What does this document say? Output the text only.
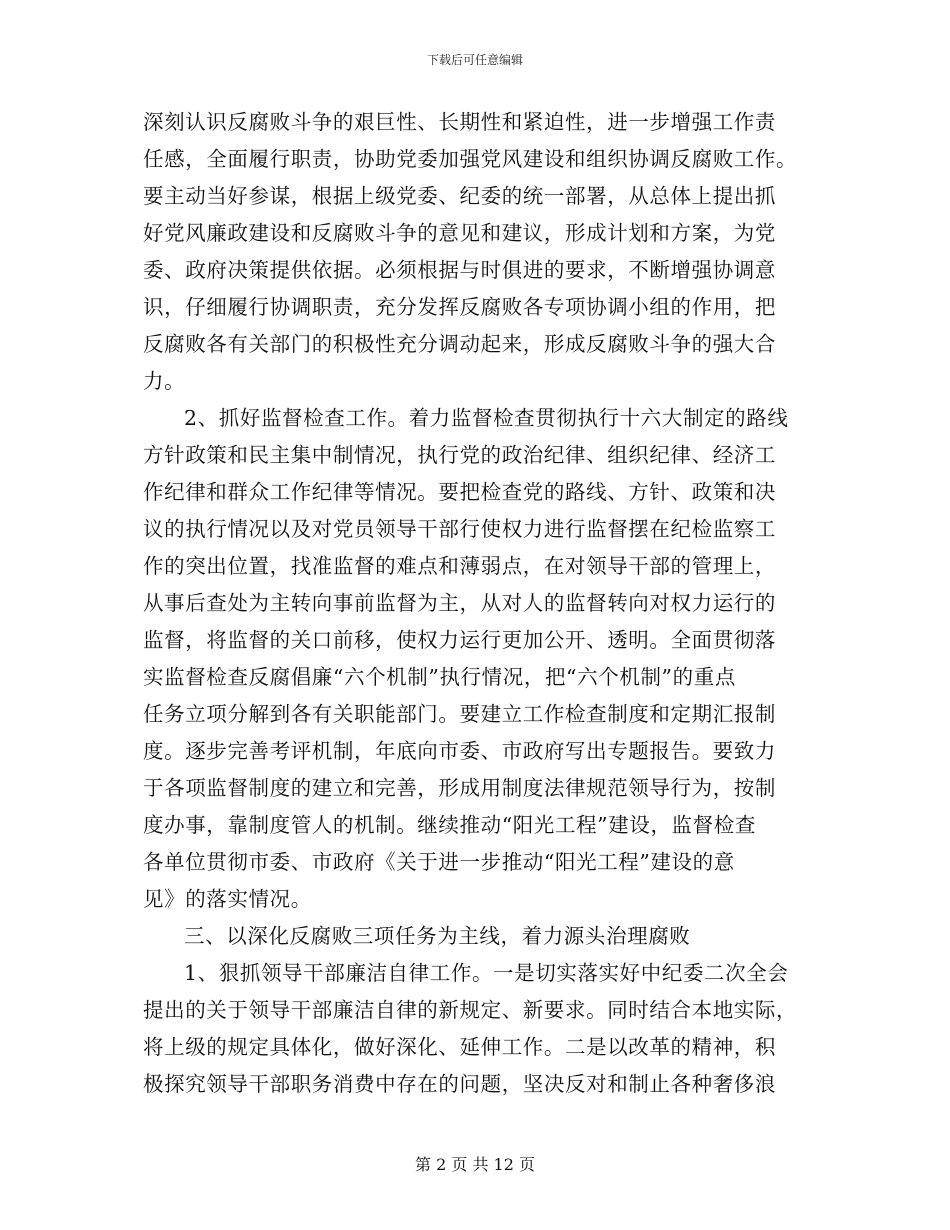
下载后可任意编辑
深刻认识反腐败斗争的艰巨性、长期性和紧迫性，进一步增强工作责
任感，全面履行职责，协助党委加强党风建设和组织协调反腐败工作。
要主动当好参谋，根据上级党委、纪委的统一部署，从总体上提出抓
好党风廉政建设和反腐败斗争的意见和建议，形成计划和方案，为党
委、政府决策提供依据。必须根据与时俱进的要求，不断增强协调意
识，仔细履行协调职责，充分发挥反腐败各专项协调小组的作用，把
反腐败各有关部门的积极性充分调动起来，形成反腐败斗争的强大合
力。
2、抓好监督检查工作。着力监督检查贯彻执行十六大制定的路线
方针政策和民主集中制情况，执行党的政治纪律、组织纪律、经济工
作纪律和群众工作纪律等情况。要把检查党的路线、方针、政策和决
议的执行情况以及对党员领导干部行使权力进行监督摆在纪检监察工
作的突出位置，找准监督的难点和薄弱点，在对领导干部的管理上，
从事后查处为主转向事前监督为主，从对人的监督转向对权力运行的
监督，将监督的关口前移，使权力运行更加公开、透明。全面贯彻落
实监督检查反腐倡廉“六个机制”执行情况，把“六个机制”的重点
任务立项分解到各有关职能部门。要建立工作检查制度和定期汇报制
度。逐步完善考评机制，年底向市委、市政府写出专题报告。要致力
于各项监督制度的建立和完善，形成用制度法律规范领导行为，按制
度办事，靠制度管人的机制。继续推动“阳光工程”建设，监督检查
各单位贯彻市委、市政府《关于进一步推动“阳光工程”建设的意
见》的落实情况。
三、以深化反腐败三项任务为主线，着力源头治理腐败
1、狠抓领导干部廉洁自律工作。一是切实落实好中纪委二次全会
提出的关于领导干部廉洁自律的新规定、新要求。同时结合本地实际，
将上级的规定具体化，做好深化、延伸工作。二是以改革的精神，积
极探究领导干部职务消费中存在的问题，坚决反对和制止各种奢侈浪
第 2 页 共 12 页
